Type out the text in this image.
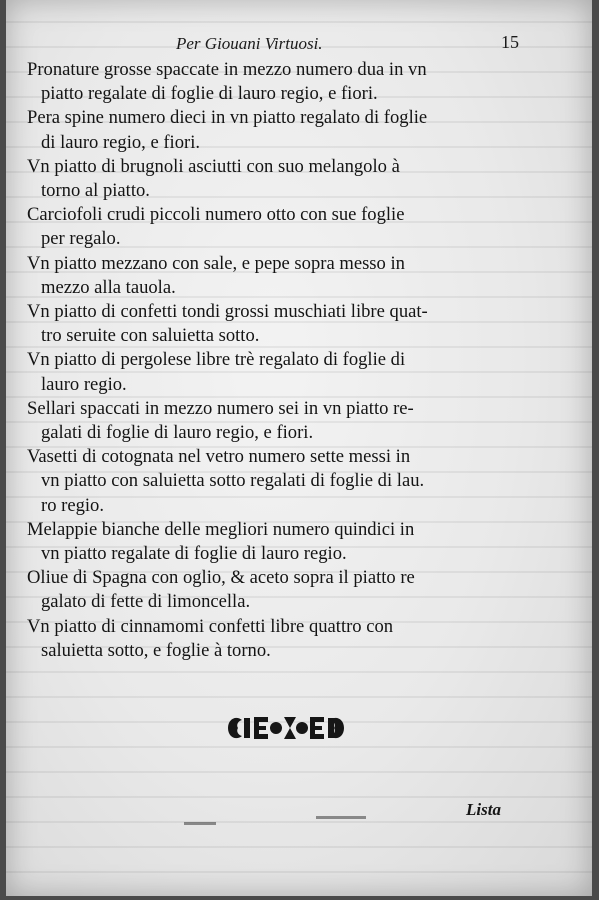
Per Giouani Virtuosi.	15
Pronature grosse spaccate in mezzo numero dua in vn
piatto regalate di foglie di lauro regio, e fiori.
Pera spine numero dieci in vn piatto regalato di foglie
di lauro regio, e fiori.
Vn piatto di brugnoli asciutti con suo melangolo à
torno al piatto.
Carciofoli crudi piccoli numero otto con sue foglie
per regalo.
Vn piatto mezzano con sale, e pepe sopra messo in
mezzo alla tauola.
Vn piatto di confetti tondi grossi muschiati libre quat-
tro seruite con saluietta sotto.
Vn piatto di pergolese libre trè regalato di foglie di
lauro regio.
Sellari spaccati in mezzo numero sei in vn piatto re-
galati di foglie di lauro regio, e fiori.
Vasetti di cotognata nel vetro numero sette messi in
vn piatto con saluietta sotto regalati di foglie di lau.
ro regio.
Melappie bianche delle megliori numero quindici in
vn piatto regalate di foglie di lauro regio.
Oliue di Spagna con oglio, & aceto sopra il piatto re
galato di fette di limoncella.
Vn piatto di cinnamomi confetti libre quattro con
saluietta sotto, e foglie à torno.
Lista
